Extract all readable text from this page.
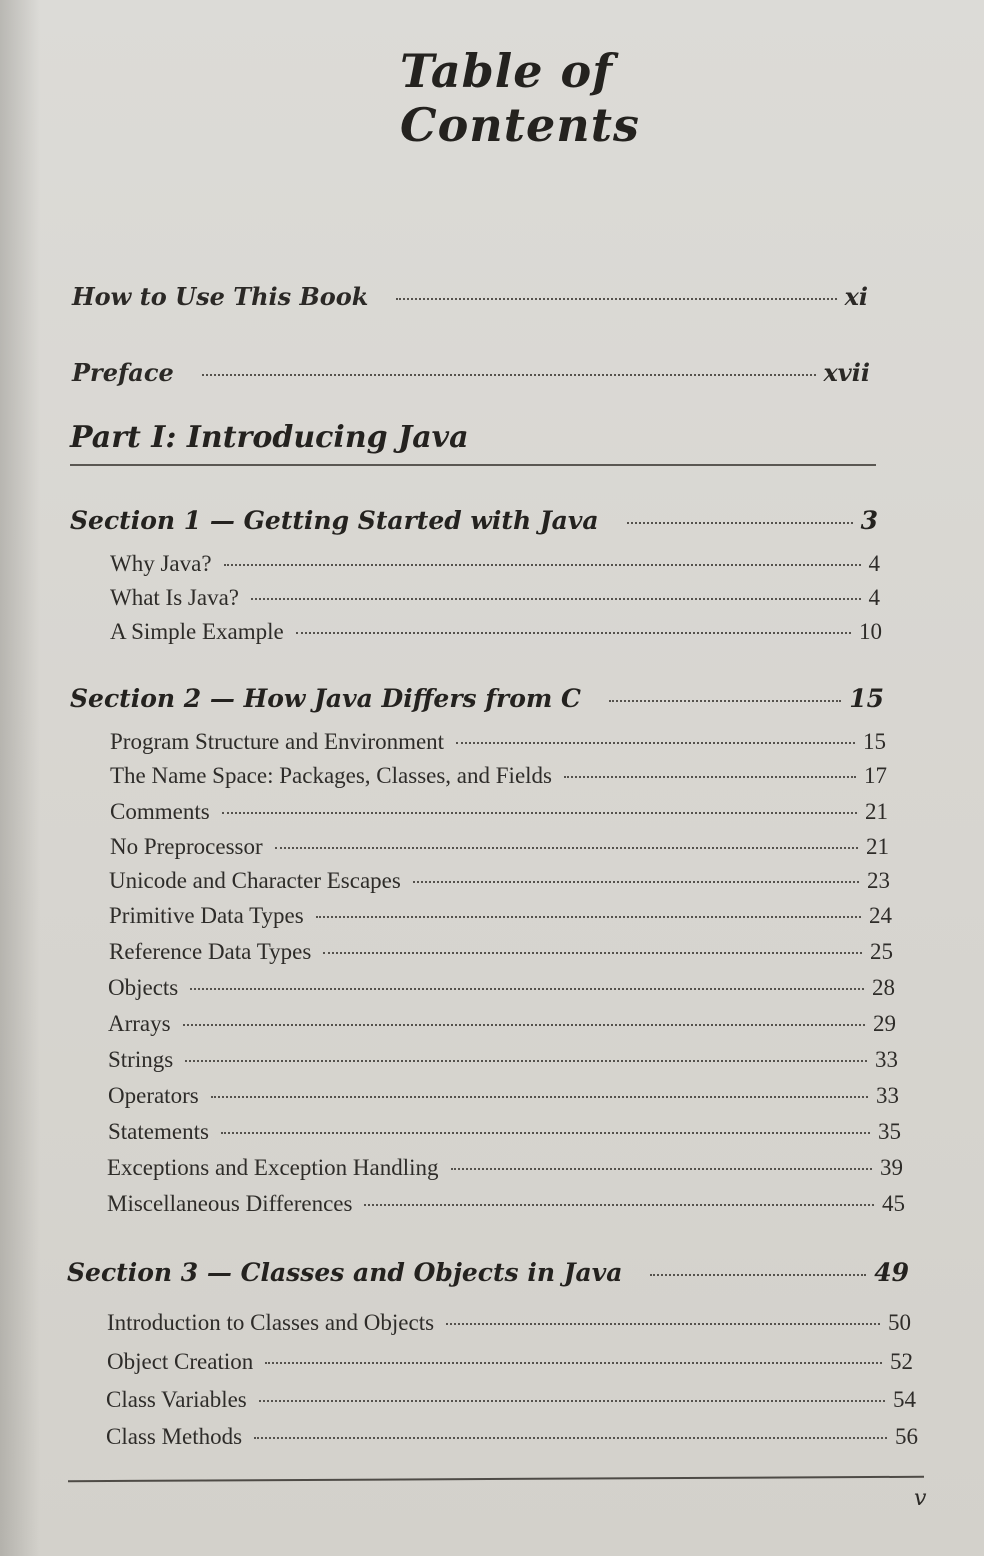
Table of Contents
How to Use This Book	xi
Preface	xvii
Part I: Introducing Java
Section 1 — Getting Started with Java	3
Why Java?	4
What Is Java?	4
A Simple Example	10
Section 2 — How Java Differs from C	15
Program Structure and Environment	15
The Name Space: Packages, Classes, and Fields	17
Comments	21
No Preprocessor	21
Unicode and Character Escapes	23
Primitive Data Types	24
Reference Data Types	25
Objects	28
Arrays	29
Strings	33
Operators	33
Statements	35
Exceptions and Exception Handling	39
Miscellaneous Differences	45
Section 3 — Classes and Objects in Java	49
Introduction to Classes and Objects	50
Object Creation	52
Class Variables	54
Class Methods	56
v
